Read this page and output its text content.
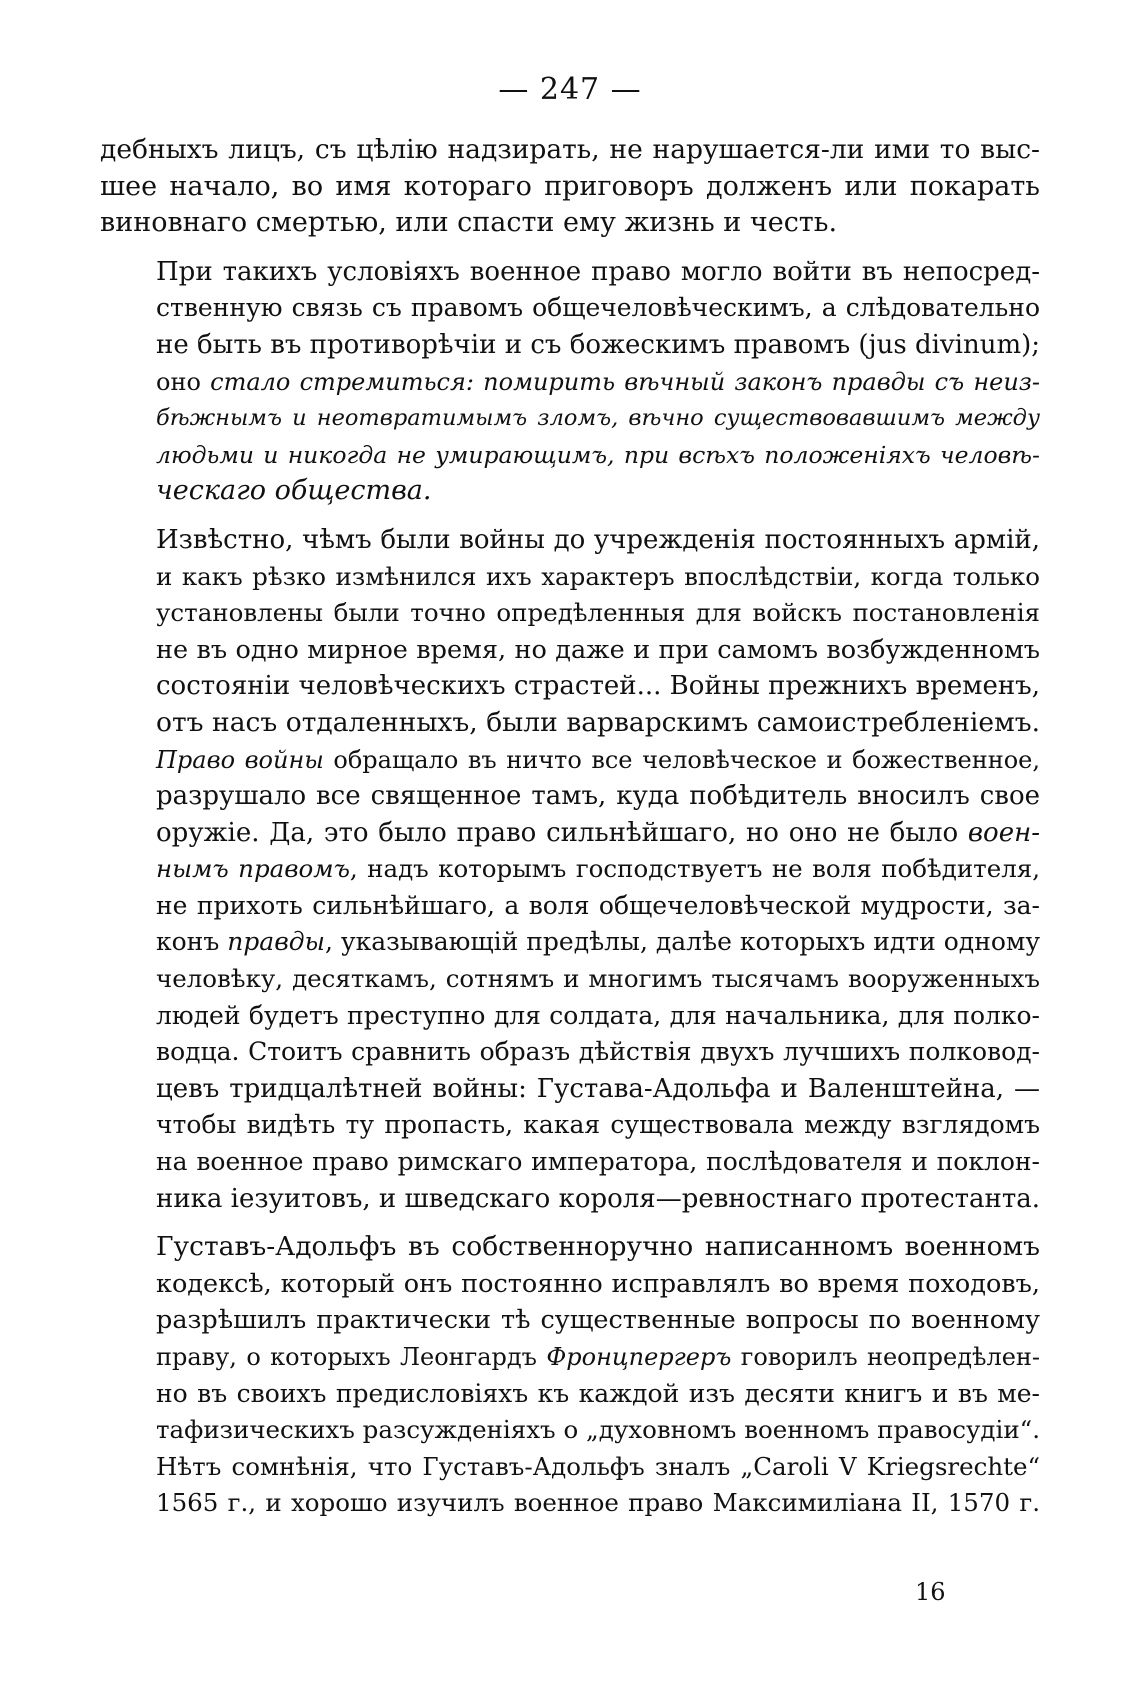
— 247 —

дебныхъ лицъ, съ цѣлію надзирать, не нарушается-ли ими то выс-
шее начало, во имя котораго приговоръ долженъ или покарать
виновнаго смертью, или спасти ему жизнь и честь.

При такихъ условіяхъ военное право могло войти въ непосред-
ственную связь съ правомъ общечеловѣческимъ, а слѣдовательно
не быть въ противорѣчіи и съ божескимъ правомъ (jus divinum);
оно стало стремиться: помирить вѣчный законъ правды съ неиз-
бѣжнымъ и неотвратимымъ зломъ, вѣчно существовавшимъ между
людьми и никогда не умирающимъ, при всѣхъ положеніяхъ человѣ-
ческаго общества.

Извѣстно, чѣмъ были войны до учрежденія постоянныхъ армій,
и какъ рѣзко измѣнился ихъ характеръ впослѣдствіи, когда только
установлены были точно опредѣленныя для войскъ постановленія
не въ одно мирное время, но даже и при самомъ возбужденномъ
состояніи человѣческихъ страстей... Войны прежнихъ временъ,
отъ насъ отдаленныхъ, были варварскимъ самоистребленіемъ.
Право войны обращало въ ничто все человѣческое и божественное,
разрушало все священное тамъ, куда побѣдитель вносилъ свое
оружіе. Да, это было право сильнѣйшаго, но оно не было воен-
нымъ правомъ, надъ которымъ господствуетъ не воля побѣдителя,
не прихоть сильнѣйшаго, а воля общечеловѣческой мудрости, за-
конъ правды, указывающій предѣлы, далѣе которыхъ идти одному
человѣку, десяткамъ, сотнямъ и многимъ тысячамъ вооруженныхъ
людей будетъ преступно для солдата, для начальника, для полко-
водца. Стоитъ сравнить образъ дѣйствія двухъ лучшихъ полковод-
цевъ тридцалѣтней войны: Густава-Адольфа и Валенштейна, —
чтобы видѣть ту пропасть, какая существовала между взглядомъ
на военное право римскаго императора, послѣдователя и поклон-
ника іезуитовъ, и шведскаго короля—ревностнаго протестанта.

Густавъ-Адольфъ въ собственноручно написанномъ военномъ
кодексѣ, который онъ постоянно исправлялъ во время походовъ,
разрѣшилъ практически тѣ существенные вопросы по военному
праву, о которыхъ Леонгардъ Фронцпергеръ говорилъ неопредѣлен-
но въ своихъ предисловіяхъ къ каждой изъ десяти книгъ и въ ме-
тафизическихъ разсужденіяхъ о „духовномъ военномъ правосудіи“.
Нѣтъ сомнѣнія, что Густавъ-Адольфъ зналъ „Caroli V Kriegsrechte“
1565 г., и хорошо изучилъ военное право Максимиліана II, 1570 г.

16
